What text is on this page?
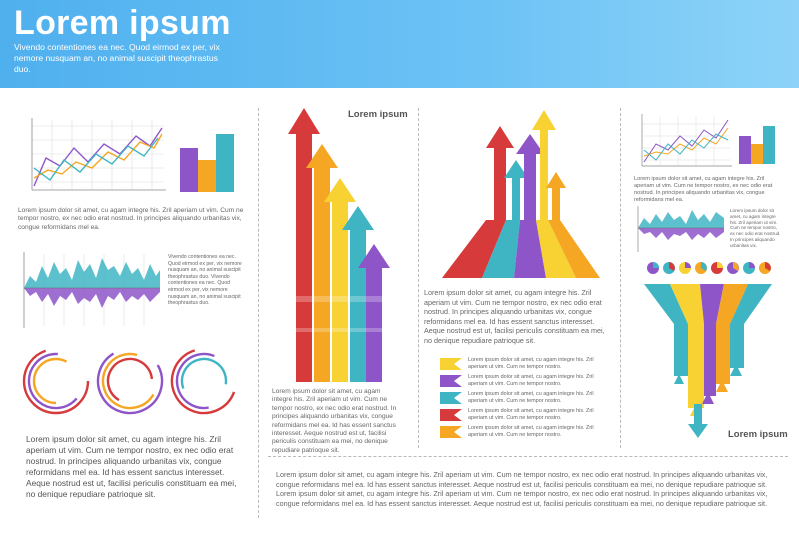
Lorem ipsum
Vivendo contentiones ea nec. Quod eirmod ex per, vix nemore nusquam an, no animal suscipit theophrastus duo.
Lorem ipsum dolor sit amet, cu agam integre his. Zril aperiam ut vim. Cum ne tempor nostro, ex nec odio erat nostrud. In principes aliquando urbanitas vix, congue reformidans mel ea.
Vivendo contentiones ea nec. Quod eirmod ex per, vix nemore nusquam an, no animal suscipit theophrastus duo. Vivendo contentiones ea nec. Quod eirmod ex per, vix nemore nusquam an, no animal suscipit theophrastus duo.
Lorem ipsum dolor sit amet, cu agam integre his. Zril aperiam ut vim. Cum ne tempor nostro, ex nec odio erat nostrud. In principes aliquando urbanitas vix, congue reformidans mel ea. Id has essent sanctus interesset. Aeque nostrud est ut, facilisi periculis constituam ea mei, no denique repudiare patrioque sit.
Lorem ipsum
Lorem ipsum dolor sit amet, cu agam integre his. Zril aperiam ut vim. Cum ne tempor nostro, ex nec odio erat nostrud. In principes aliquando urbanitas vix, congue reformidans mel ea. Id has essent sanctus interesset. Aeque nostrud est ut, facilisi periculis constituam ea mei, no denique repudiare patrioque sit.
Lorem ipsum dolor sit amet, cu agam integre his. Zril aperiam ut vim. Cum ne tempor nostro, ex nec odio erat nostrud. In principes aliquando urbanitas vix, congue reformidans mel ea. Id has essent sanctus interesset. Aeque nostrud est ut, facilisi periculis constituam ea mei, no denique repudiare patrioque sit.
Lorem ipsum dolor sit amet, cu agam integre his. Zril aperiam ut vim. Cum ne tempor nostro.
Lorem ipsum dolor sit amet, cu agam integre his. Zril aperiam ut vim. Cum ne tempor nostro.
Lorem ipsum dolor sit amet, cu agam integre his. Zril aperiam ut vim. Cum ne tempor nostro.
Lorem ipsum dolor sit amet, cu agam integre his. Zril aperiam ut vim. Cum ne tempor nostro.
Lorem ipsum dolor sit amet, cu agam integre his. Zril aperiam ut vim. Cum ne tempor nostro.
Lorem ipsum dolor sit amet, cu agam integre his. Zril aperiam ut vim. Cum ne tempor nostro, ex nec odio erat nostrud. In principes aliquando urbanitas vix, congue reformidans mel ea.
Lorem ipsum dolor sit amet, cu agam integre his. Zril aperiam ut vim. Cum ne tempor nostro, ex nec odio erat nostrud. In principes aliquando urbanitas vix.
Lorem ipsum
Lorem ipsum dolor sit amet, cu agam integre his. Zril aperiam ut vim. Cum ne tempor nostro, ex nec odio erat nostrud. In principes aliquando urbanitas vix, congue reformidans mel ea. Id has essent sanctus interesset. Aeque nostrud est ut, facilisi periculis constituam ea mei, no denique repudiare patrioque sit. Lorem ipsum dolor sit amet, cu agam integre his. Zril aperiam ut vim. Cum ne tempor nostro, ex nec odio erat nostrud. In principes aliquando urbanitas vix, congue reformidans mel ea. Id has essent sanctus interesset. Aeque nostrud est ut, facilisi periculis constituam ea mei, no denique repudiare patrioque sit.
